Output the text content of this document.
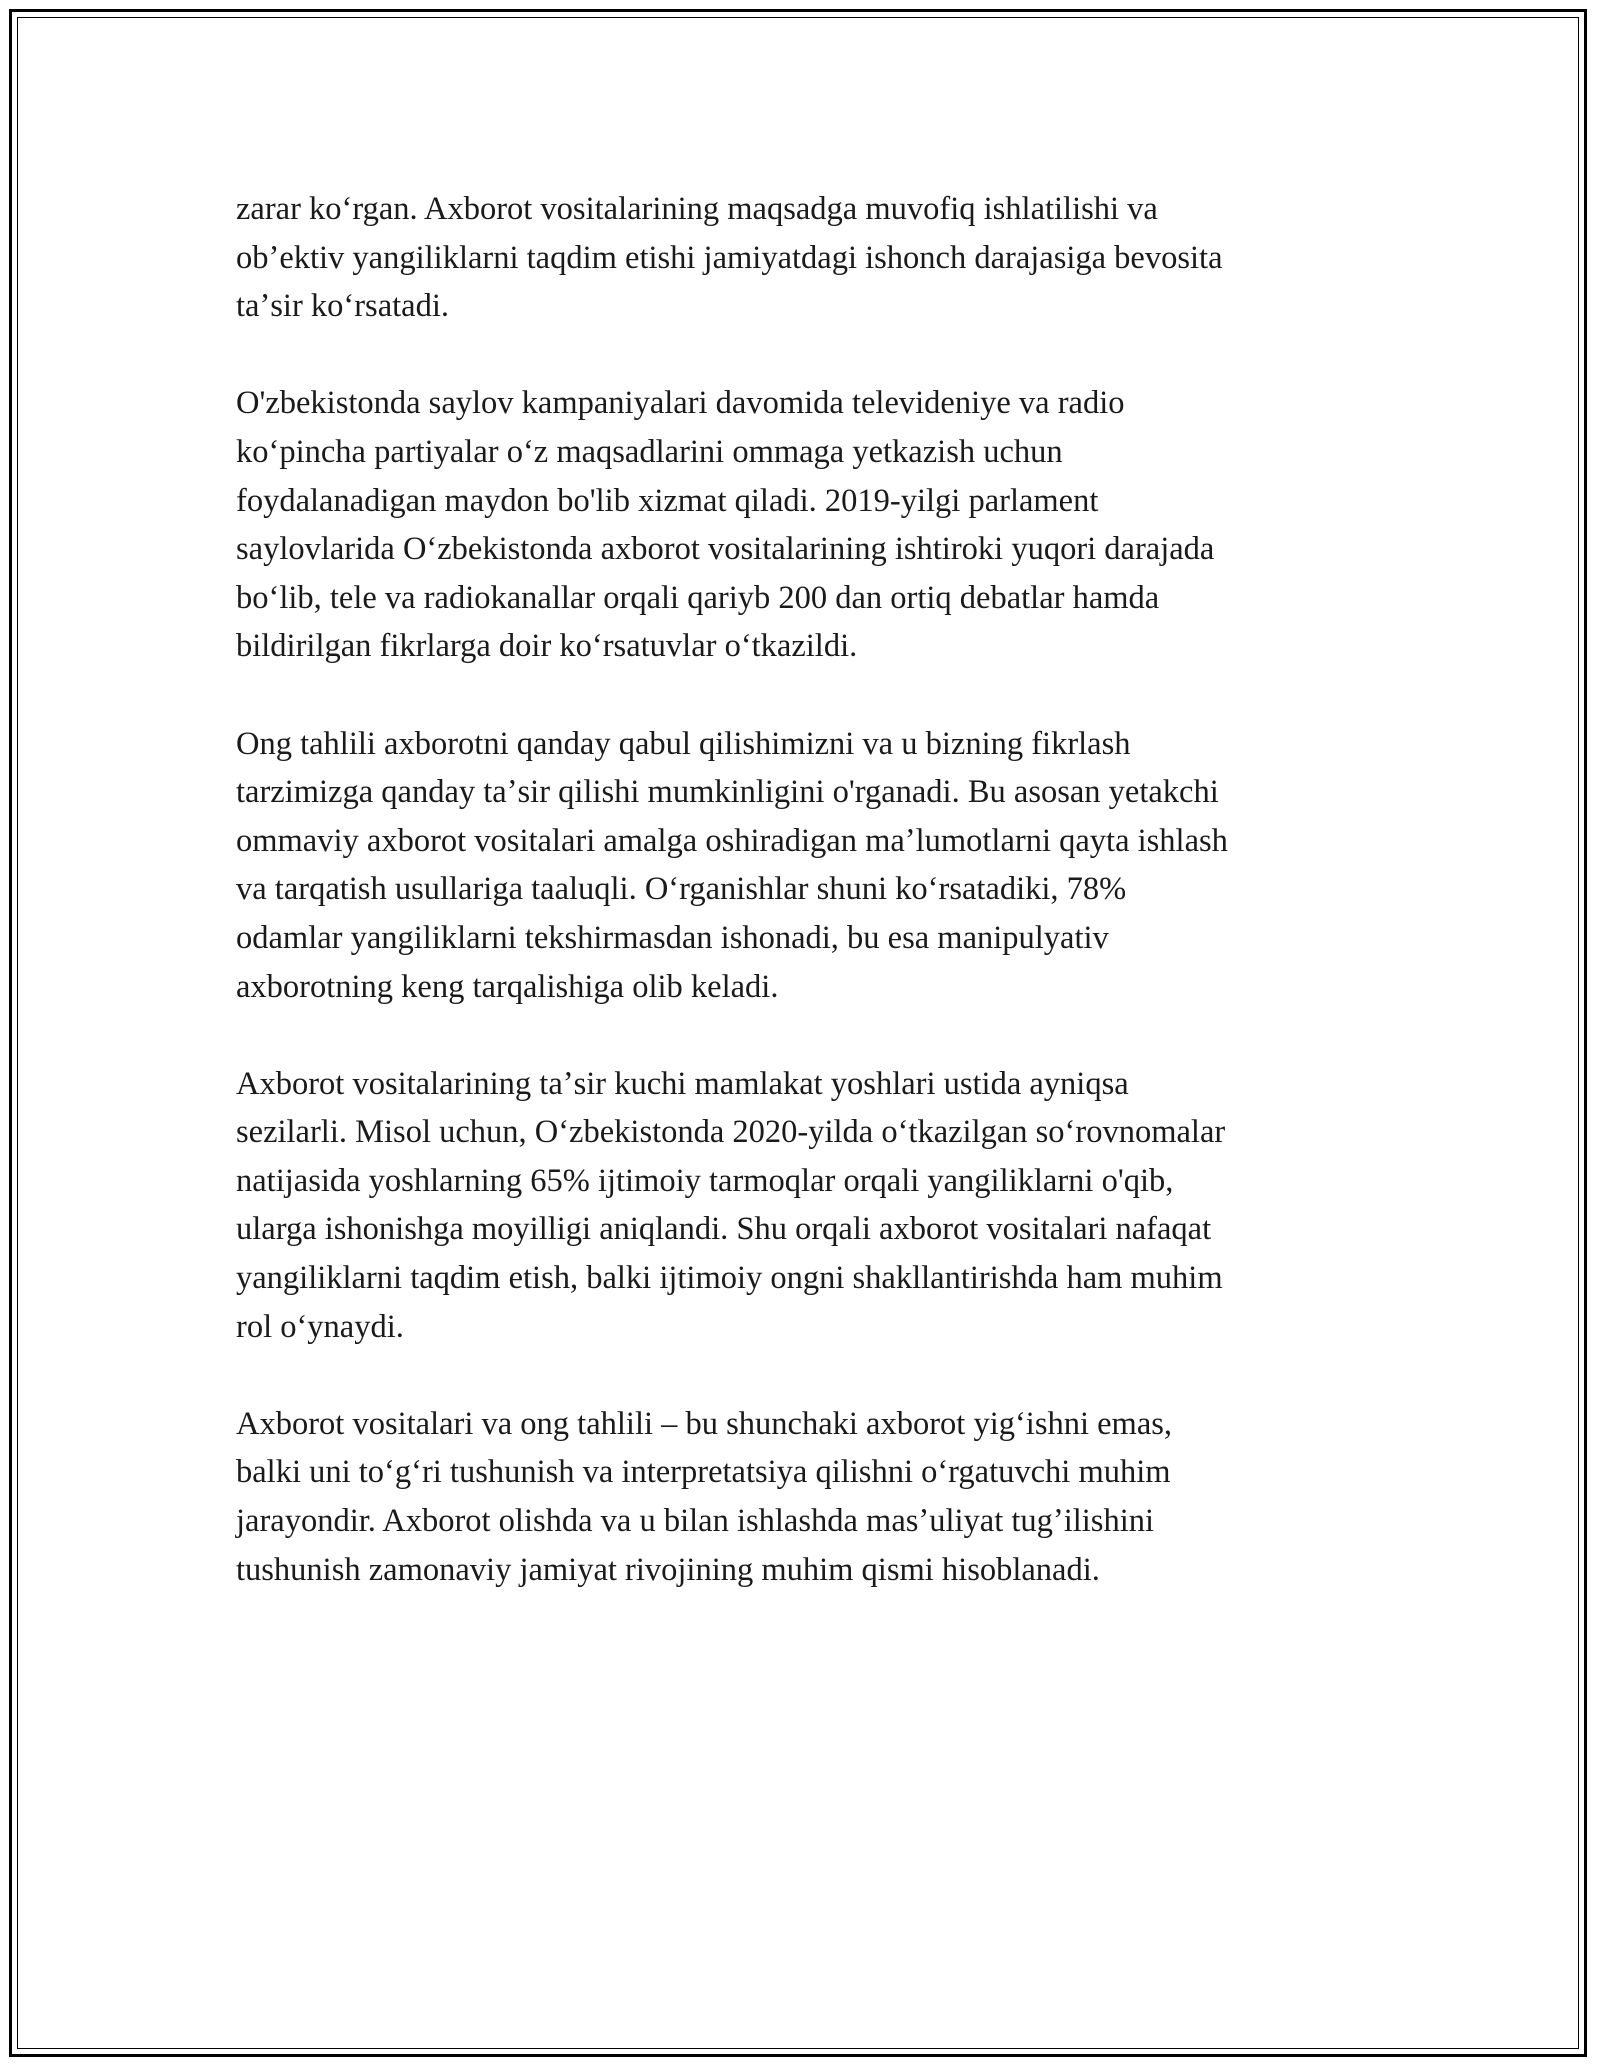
zarar koʻrgan. Axborot vositalarining maqsadga muvofiq ishlatilishi va
obʼektiv yangiliklarni taqdim etishi jamiyatdagi ishonch darajasiga bevosita
taʼsir koʻrsatadi.

O'zbekistonda saylov kampaniyalari davomida televideniye va radio
koʻpincha partiyalar oʻz maqsadlarini ommaga yetkazish uchun
foydalanadigan maydon bo'lib xizmat qiladi. 2019-yilgi parlament
saylovlarida Oʻzbekistonda axborot vositalarining ishtiroki yuqori darajada
boʻlib, tele va radiokanallar orqali qariyb 200 dan ortiq debatlar hamda
bildirilgan fikrlarga doir koʻrsatuvlar oʻtkazildi.

Ong tahlili axborotni qanday qabul qilishimizni va u bizning fikrlash
tarzimizga qanday taʼsir qilishi mumkinligini o'rganadi. Bu asosan yetakchi
ommaviy axborot vositalari amalga oshiradigan maʼlumotlarni qayta ishlash
va tarqatish usullariga taaluqli. Oʻrganishlar shuni koʻrsatadiki, 78%
odamlar yangiliklarni tekshirmasdan ishonadi, bu esa manipulyativ
axborotning keng tarqalishiga olib keladi.

Axborot vositalarining taʼsir kuchi mamlakat yoshlari ustida ayniqsa
sezilarli. Misol uchun, Oʻzbekistonda 2020-yilda oʻtkazilgan soʻrovnomalar
natijasida yoshlarning 65% ijtimoiy tarmoqlar orqali yangiliklarni o'qib,
ularga ishonishga moyilligi aniqlandi. Shu orqali axborot vositalari nafaqat
yangiliklarni taqdim etish, balki ijtimoiy ongni shakllantirishda ham muhim
rol oʻynaydi.

Axborot vositalari va ong tahlili – bu shunchaki axborot yigʻishni emas,
balki uni toʻgʻri tushunish va interpretatsiya qilishni oʻrgatuvchi muhim
jarayondir. Axborot olishda va u bilan ishlashda masʼuliyat tugʼilishini
tushunish zamonaviy jamiyat rivojining muhim qismi hisoblanadi.
